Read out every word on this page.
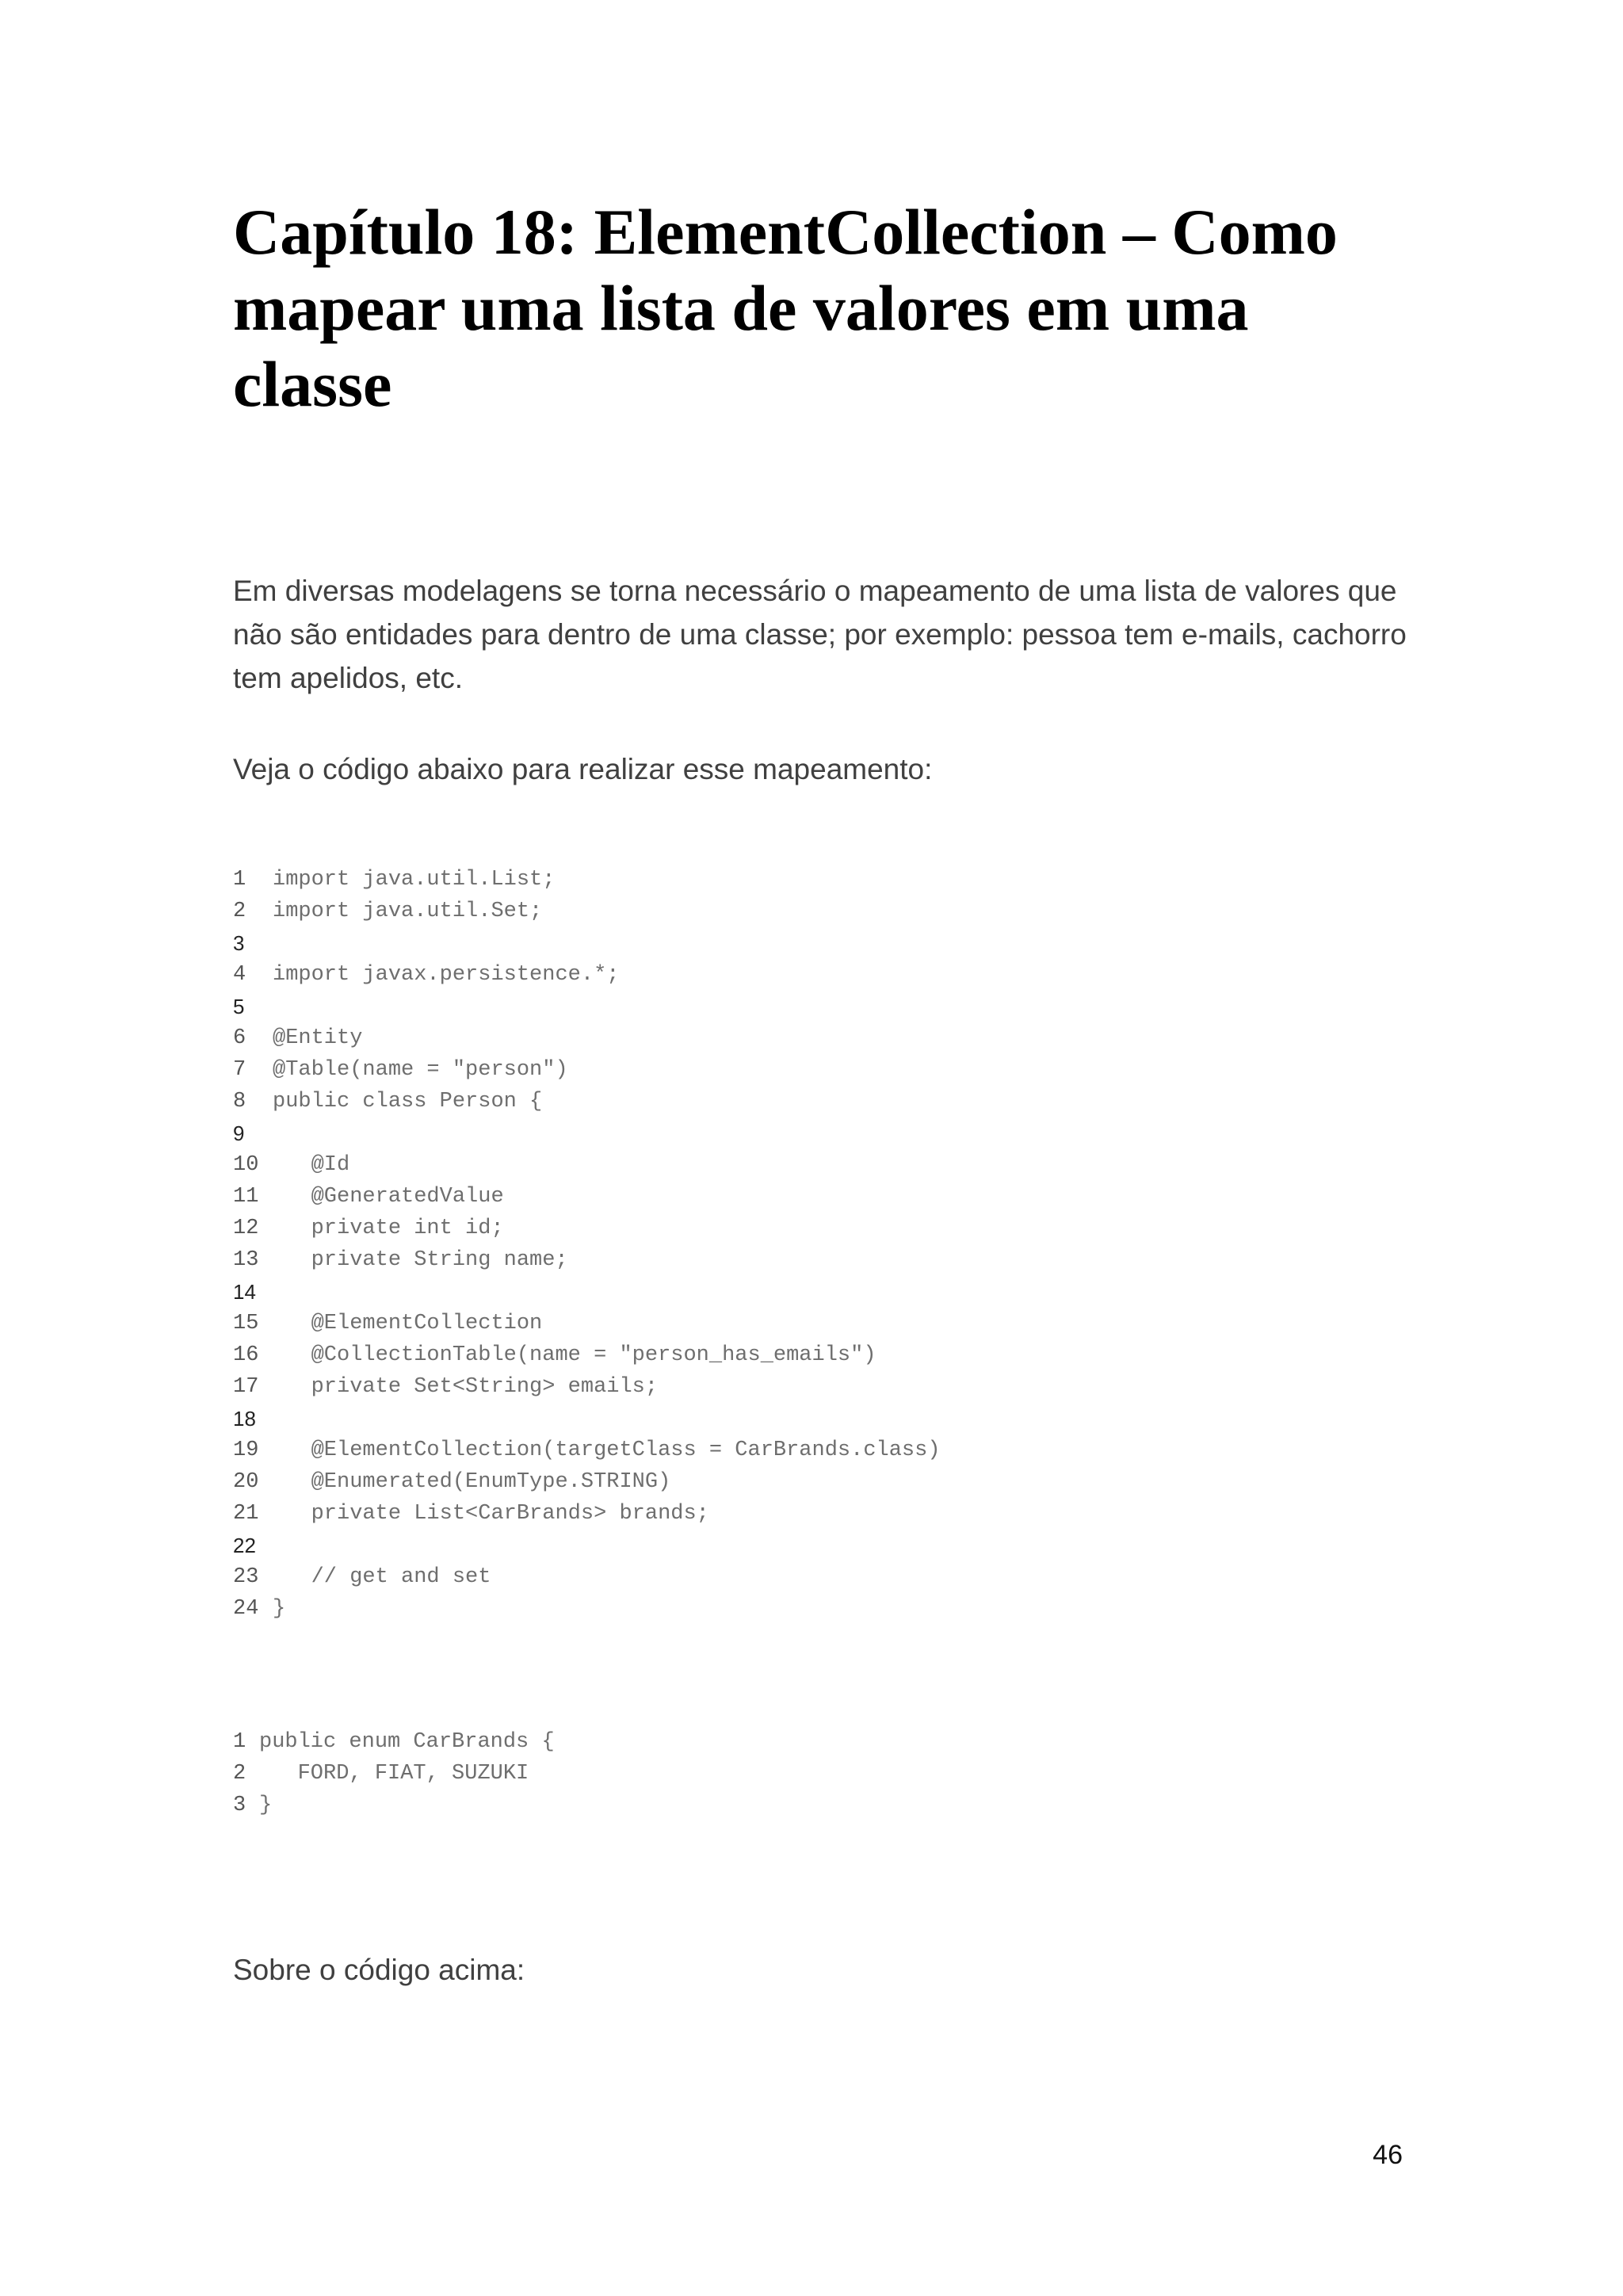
Capítulo 18: ElementCollection – Como
mapear uma lista de valores em uma
classe

Em diversas modelagens se torna necessário o mapeamento de uma lista de valores que
não são entidades para dentro de uma classe; por exemplo: pessoa tem e-mails, cachorro
tem apelidos, etc.

Veja o código abaixo para realizar esse mapeamento:

1 import java.util.List;
2 import java.util.Set;
3
4 import javax.persistence.*;
5
6 @Entity
7 @Table(name = "person")
8 public class Person {
9
10   @Id
11   @GeneratedValue
12   private int id;
13   private String name;
14
15   @ElementCollection
16   @CollectionTable(name = "person_has_emails")
17   private Set<String> emails;
18
19   @ElementCollection(targetClass = CarBrands.class)
20   @Enumerated(EnumType.STRING)
21   private List<CarBrands> brands;
22
23   // get and set
24 }
1 public enum CarBrands {
2   FORD, FIAT, SUZUKI
3 }

Sobre o código acima:

46
